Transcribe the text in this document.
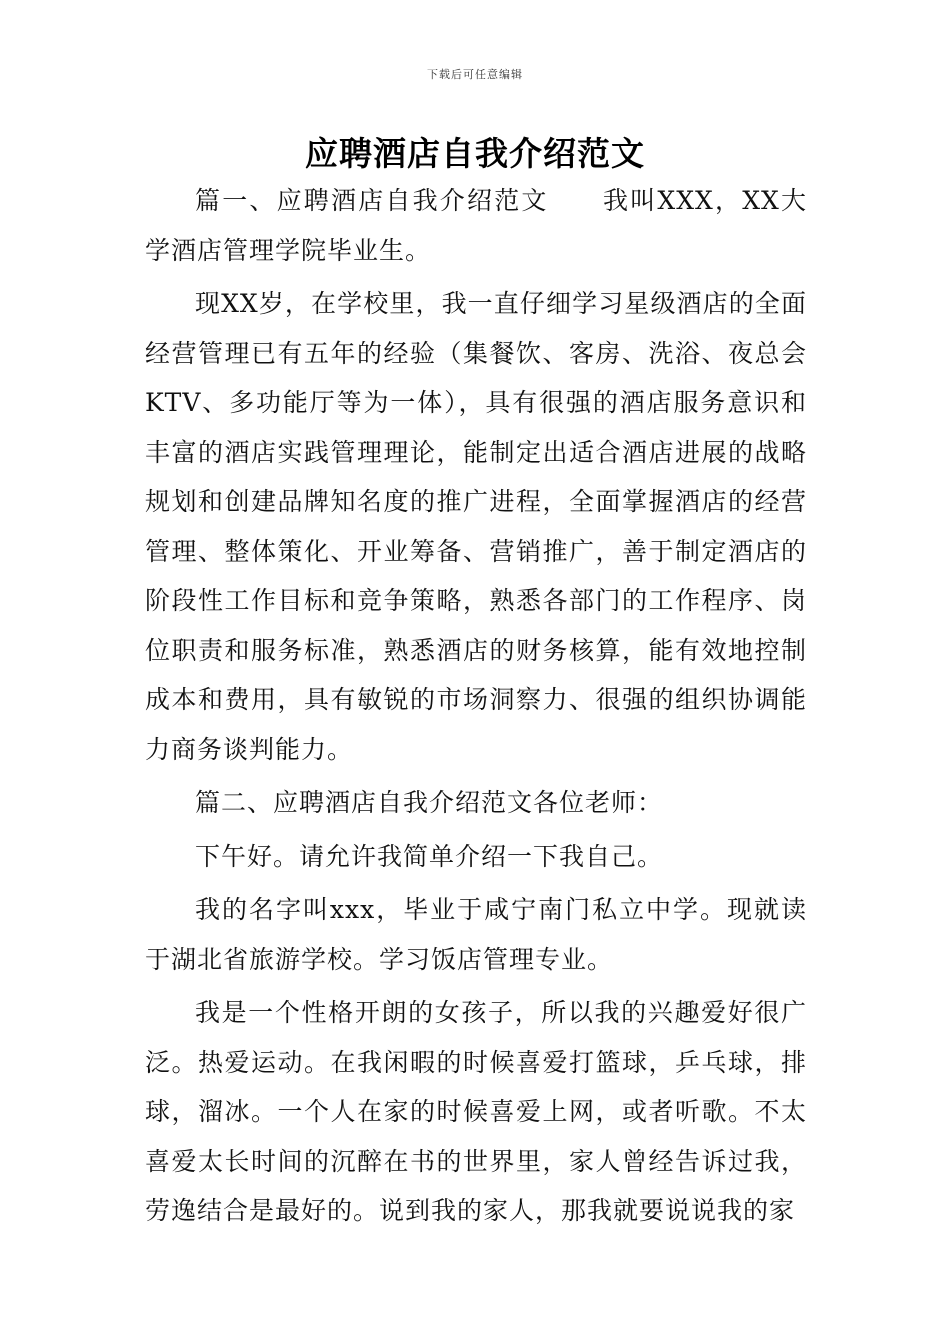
下载后可任意编辑
应聘酒店自我介绍范文

篇一、应聘酒店自我介绍范文　　我叫XXX，XX大学酒店管理学院毕业生。

现XX岁，在学校里，我一直仔细学习星级酒店的全面经营管理已有五年的经验（集餐饮、客房、洗浴、夜总会KTV、多功能厅等为一体），具有很强的酒店服务意识和丰富的酒店实践管理理论，能制定出适合酒店进展的战略规划和创建品牌知名度的推广进程，全面掌握酒店的经营管理、整体策化、开业筹备、营销推广，善于制定酒店的阶段性工作目标和竞争策略，熟悉各部门的工作程序、岗位职责和服务标准，熟悉酒店的财务核算，能有效地控制成本和费用，具有敏锐的市场洞察力、很强的组织协调能力商务谈判能力。

篇二、应聘酒店自我介绍范文各位老师：

下午好。请允许我简单介绍一下我自己。

我的名字叫xxx，毕业于咸宁南门私立中学。现就读于湖北省旅游学校。学习饭店管理专业。

我是一个性格开朗的女孩子，所以我的兴趣爱好很广泛。热爱运动。在我闲暇的时候喜爱打篮球，乒乓球，排球，溜冰。一个人在家的时候喜爱上网，或者听歌。不太喜爱太长时间的沉醉在书的世界里，家人曾经告诉过我，劳逸结合是最好的。说到我的家人，那我就要说说我的家
